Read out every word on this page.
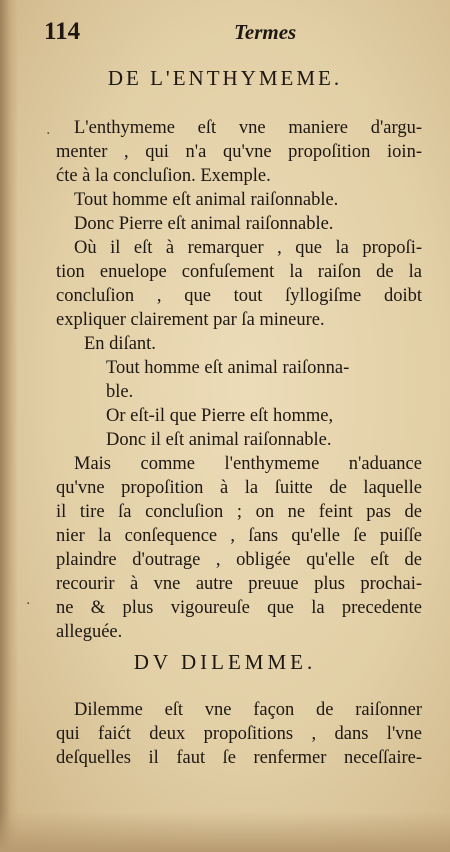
114	Termes
DE L'ENTHYMEME.
.	L'enthymeme eſt vne maniere d'argu-
menter , qui n'a qu'vne propoſition ioin-
ćte à la concluſion. Exemple.
Tout homme eſt animal raiſonnable.
Donc Pierre eſt animal raiſonnable.
Où il eſt à remarquer , que la propoſi-
tion enuelope confuſement la raiſon de la
concluſion , que tout ſyllogiſme doibt
expliquer clairement par ſa mineure.
En diſant.
Tout homme eſt animal raiſonna-
ble.
Or eſt-il que Pierre eſt homme,
Donc il eſt animal raiſonnable.
Mais comme l'enthymeme n'aduance
qu'vne propoſition à la ſuitte de laquelle
il tire ſa concluſion ; on ne feint pas de
nier la conſequence , ſans qu'elle ſe puiſſe
plaindre d'outrage , obligée qu'elle eſt de
recourir à vne autre preuue plus prochai-
ne & plus vigoureuſe que la precedente
alleguée.
.
DV DILEMME.
Dilemme eſt vne façon de raiſonner
qui faićt deux propoſitions , dans l'vne
deſquelles il faut ſe renfermer neceſſaire-
